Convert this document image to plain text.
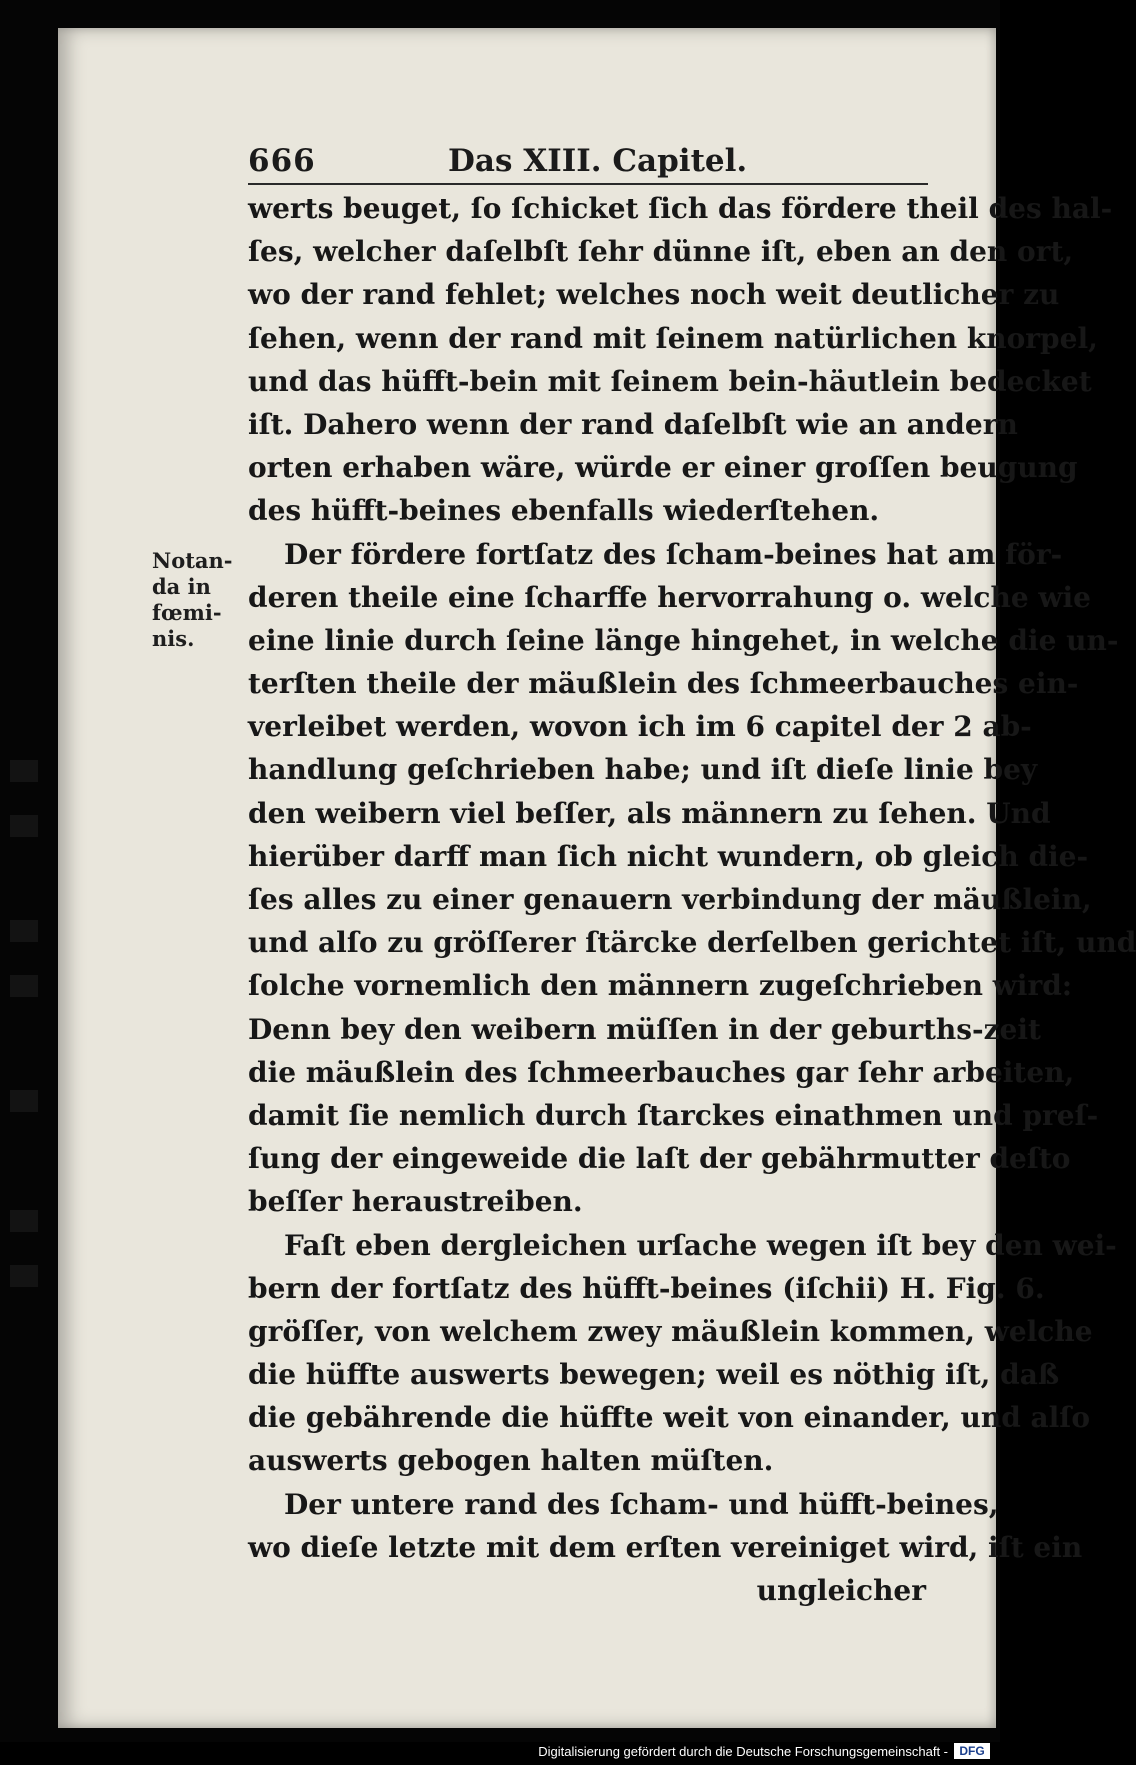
666	Das XIII. Capitel.
Notan-
da in
fœmi-
nis.
werts beuget, ſo ſchicket ſich das fördere theil des hal-
ſes, welcher daſelbſt ſehr dünne iſt, eben an den ort,
wo der rand fehlet; welches noch weit deutlicher zu
ſehen, wenn der rand mit ſeinem natürlichen knorpel,
und das hüfft-bein mit ſeinem bein-häutlein bedecket
iſt. Dahero wenn der rand daſelbſt wie an andern
orten erhaben wäre, würde er einer groſſen beugung
des hüfft-beines ebenfalls wiederſtehen.
Der fördere fortſatz des ſcham-beines hat am för-
deren theile eine ſcharffe hervorrahung o. welche wie
eine linie durch ſeine länge hingehet, in welche die un-
terſten theile der mäußlein des ſchmeerbauches ein-
verleibet werden, wovon ich im 6 capitel der 2 ab-
handlung geſchrieben habe; und iſt dieſe linie bey
den weibern viel beſſer, als männern zu ſehen. Und
hierüber darff man ſich nicht wundern, ob gleich die-
ſes alles zu einer genauern verbindung der mäußlein,
und alſo zu gröſſerer ſtärcke derſelben gerichtet iſt, und
ſolche vornemlich den männern zugeſchrieben wird:
Denn bey den weibern müſſen in der geburths-zeit
die mäußlein des ſchmeerbauches gar ſehr arbeiten,
damit ſie nemlich durch ſtarckes einathmen und preſ-
ſung der eingeweide die laſt der gebährmutter deſto
beſſer heraustreiben.
Faſt eben dergleichen urſache wegen iſt bey den wei-
bern der fortſatz des hüfft-beines (iſchii) H. Fig. 6.
gröſſer, von welchem zwey mäußlein kommen, welche
die hüffte auswerts bewegen; weil es nöthig iſt, daß
die gebährende die hüffte weit von einander, und alſo
auswerts gebogen halten müſten.
Der untere rand des ſcham- und hüfft-beines,
wo dieſe letzte mit dem erſten vereiniget wird, iſt ein
ungleicher
Digitalisierung gefördert durch die Deutsche Forschungsgemeinschaft - DFG
